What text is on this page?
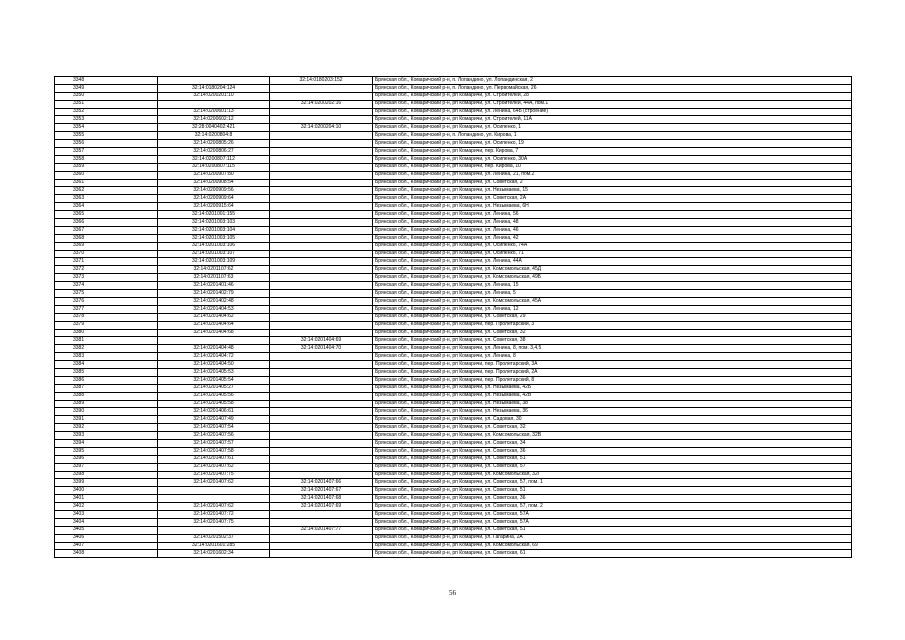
3348		32:14:0180203:152	Брянская обл., Комаричский р-н, п. Лопандино, ул. Лопандинская, 2
3349	32:14:0180204:124		Брянская обл., Комаричский р-н, п. Лопандино, ул. Первомайская, 26
3350	32:14:0200201:10		Брянская обл., Комаричский р-н, рп Комаричи, ул. Строителей, 28
3351		32:14:0200202:16	Брянская обл., Комаричский р-н, рп Комаричи, ул. Строителей, 44А, пом.1
3352	32:14:0200601:13		Брянская обл., Комаричский р-н, рп Комаричи, ул. Ленина, 64Б (строение)
3353	32:14:0200602:12		Брянская обл., Комаричский р-н, рп Комаричи, ул. Строителей, 11А
3354	32:28:0040402:421	32:14:0200204:10	Брянская обл., Комаричский р-н, рп Комаричи, ул. Осипенко, 1
3355	32:14:0200804:8		Брянская обл., Комаричский р-н, п. Лопандино, ул. Кирова, 1
3356	32:14:0200805:26		Брянская обл., Комаричский р-н, рп Комаричи, ул. Осипенко, 19
3357	32:14:0200806:27		Брянская обл., Комаричский р-н, рп Комаричи, пер. Кирова, 7
3358	32:14:0200807:112		Брянская обл., Комаричский р-н, рп Комаричи, ул. Осипенко, 30А
3359	32:14:0200807:115		Брянская обл., Комаричский р-н, рп Комаричи, пер. Кирова, 10
3360	32:14:0200907:80		Брянская обл., Комаричский р-н, рп Комаричи, ул. Ленина, 21, пом.2
3361	32:14:0200908:54		Брянская обл., Комаричский р-н, рп Комаричи, ул. Советская, 2
3362	32:14:0200909:56		Брянская обл., Комаричский р-н, рп Комаричи, ул. Незымаева, 15
3363	32:14:0200909:64		Брянская обл., Комаричский р-н, рп Комаричи, ул. Советская, 2А
3364	32:14:0200915:64		Брянская обл., Комаричский р-н, рп Комаричи, ул. Незымаева, 6Н
3365	32:14:0201001:155		Брянская обл., Комаричский р-н, рп Комаричи, ул. Ленина, 56
3366	32:14:0201003:103		Брянская обл., Комаричский р-н, рп Комаричи, ул. Ленина, 48
3367	32:14:0201003:104		Брянская обл., Комаричский р-н, рп Комаричи, ул. Ленина, 46
3368	32:14:0201003:105		Брянская обл., Комаричский р-н, рп Комаричи, ул. Ленина, 42
3369	32:14:0201003:106		Брянская обл., Комаричский р-н, рп Комаричи, ул. Осипенко, 74А
3370	32:14:0201003:107		Брянская обл., Комаричский р-н, рп Комаричи, ул. Осипенко, 71
3371	32:14:0201003:109		Брянская обл., Комаричский р-н, рп Комаричи, ул. Ленина, 44А
3372	32:14:0201107:62		Брянская обл., Комаричский р-н, рп Комаричи, ул. Комсомольская, 45Д
3373	32:14:0201107:63		Брянская обл., Комаричский р-н, рп Комаричи, ул. Комсомольская, 49Б
3374	32:14:0201401:46		Брянская обл., Комаричский р-н, рп Комаричи, ул. Ленина, 15
3375	32:14:0201402:79		Брянская обл., Комаричский р-н, рп Комаричи, ул. Ленина, 5
3376	32:14:0201402:48		Брянская обл., Комаричский р-н, рп Комаричи, ул. Комсомольская, 45А
3377	32:14:0201404:53		Брянская обл., Комаричский р-н, рп Комаричи, ул. Ленина, 12
3378	32:14:0201404:62		Брянская обл., Комаричский р-н, рп Комаричи, ул. Советская, 29
3379	32:14:0201404:64		Брянская обл., Комаричский р-н, рп Комаричи, пер. Пролетарский, 3
3380	32:14:0201404:68		Брянская обл., Комаричский р-н, рп Комаричи, ул. Советская, 32
3381		32:14:0201404:69	Брянская обл., Комаричский р-н, рп Комаричи, ул. Советская, 38
3382	32:14:0201404:48	32:14:0201404:70	Брянская обл., Комаричский р-н, рп Комаричи, ул. Ленина, 8, пом. 3,4,5
3383	32:14:0201404:72		Брянская обл., Комаричский р-н, рп Комаричи, ул. Ленина, 8
3384	32:14:0201404:50		Брянская обл., Комаричский р-н, рп Комаричи, пер. Пролетарский, 3А
3385	32:14:0201405:53		Брянская обл., Комаричский р-н, рп Комаричи, пер. Пролетарский, 2А
3386	32:14:0201405:54		Брянская обл., Комаричский р-н, рп Комаричи, пер. Пролетарский, 8
3387	32:14:0201405:27		Брянская обл., Комаричский р-н, рп Комаричи, ул. Незымаева, 42Б
3388	32:14:0201405:56		Брянская обл., Комаричский р-н, рп Комаричи, ул. Незымаева, 42В
3389	32:14:0201405:58		Брянская обл., Комаричский р-н, рп Комаричи, ул. Незымаева, 38
3390	32:14:0201406:61		Брянская обл., Комаричский р-н, рп Комаричи, ул. Незымаева, 36
3391	32:14:0201407:49		Брянская обл., Комаричский р-н, рп Комаричи, ул. Садовая, 30
3392	32:14:0201407:54		Брянская обл., Комаричский р-н, рп Комаричи, ул. Советская, 32
3393	32:14:0201407:56		Брянская обл., Комаричский р-н, рп Комаричи, ул. Комсомольская, 32В
3394	32:14:0201407:57		Брянская обл., Комаричский р-н, рп Комаричи, ул. Советская, 34
3395	32:14:0201407:58		Брянская обл., Комаричский р-н, рп Комаричи, ул. Советская, 36
3396	32:14:0201407:61		Брянская обл., Комаричский р-н, рп Комаричи, ул. Советская, 51
3397	32:14:0201407:62		Брянская обл., Комаричский р-н, рп Комаричи, ул. Советская, 57
3398	32:14:0201407:75		Брянская обл., Комаричский р-н, рп Комаричи, ул. Комсомольская, 32Г
3399	32:14:0201407:62	32:14:0201407:66	Брянская обл., Комаричский р-н, рп Комаричи, ул. Советская, 57, пом. 1
3400		32:14:0201407:67	Брянская обл., Комаричский р-н, рп Комаричи, ул. Советская, 51
3401		32:14:0201407:68	Брянская обл., Комаричский р-н, рп Комаричи, ул. Советская, 36
3402	32:14:0201407:62	32:14:0201407:69	Брянская обл., Комаричский р-н, рп Комаричи, ул. Советская, 57, пом. 2
3403	32:14:0201407:72		Брянская обл., Комаричский р-н, рп Комаричи, ул. Советская, 57А
3404	32:14:0201407:75		Брянская обл., Комаричский р-н, рп Комаричи, ул. Советская, 57А
3405		32:14:0201407:77	Брянская обл., Комаричский р-н, рп Комаричи, ул. Советская, 51
3406	32:14:0201502:37		Брянская обл., Комаричский р-н, рп Комаричи, ул. Гагарина, 2А
3407	32:14:0201601:285		Брянская обл., Комаричский р-н, рп Комаричи, ул. Комсомольская, 69
3408	32:14:0201602:34		Брянская обл., Комаричский р-н, рп Комаричи, ул. Советская, 61
56
